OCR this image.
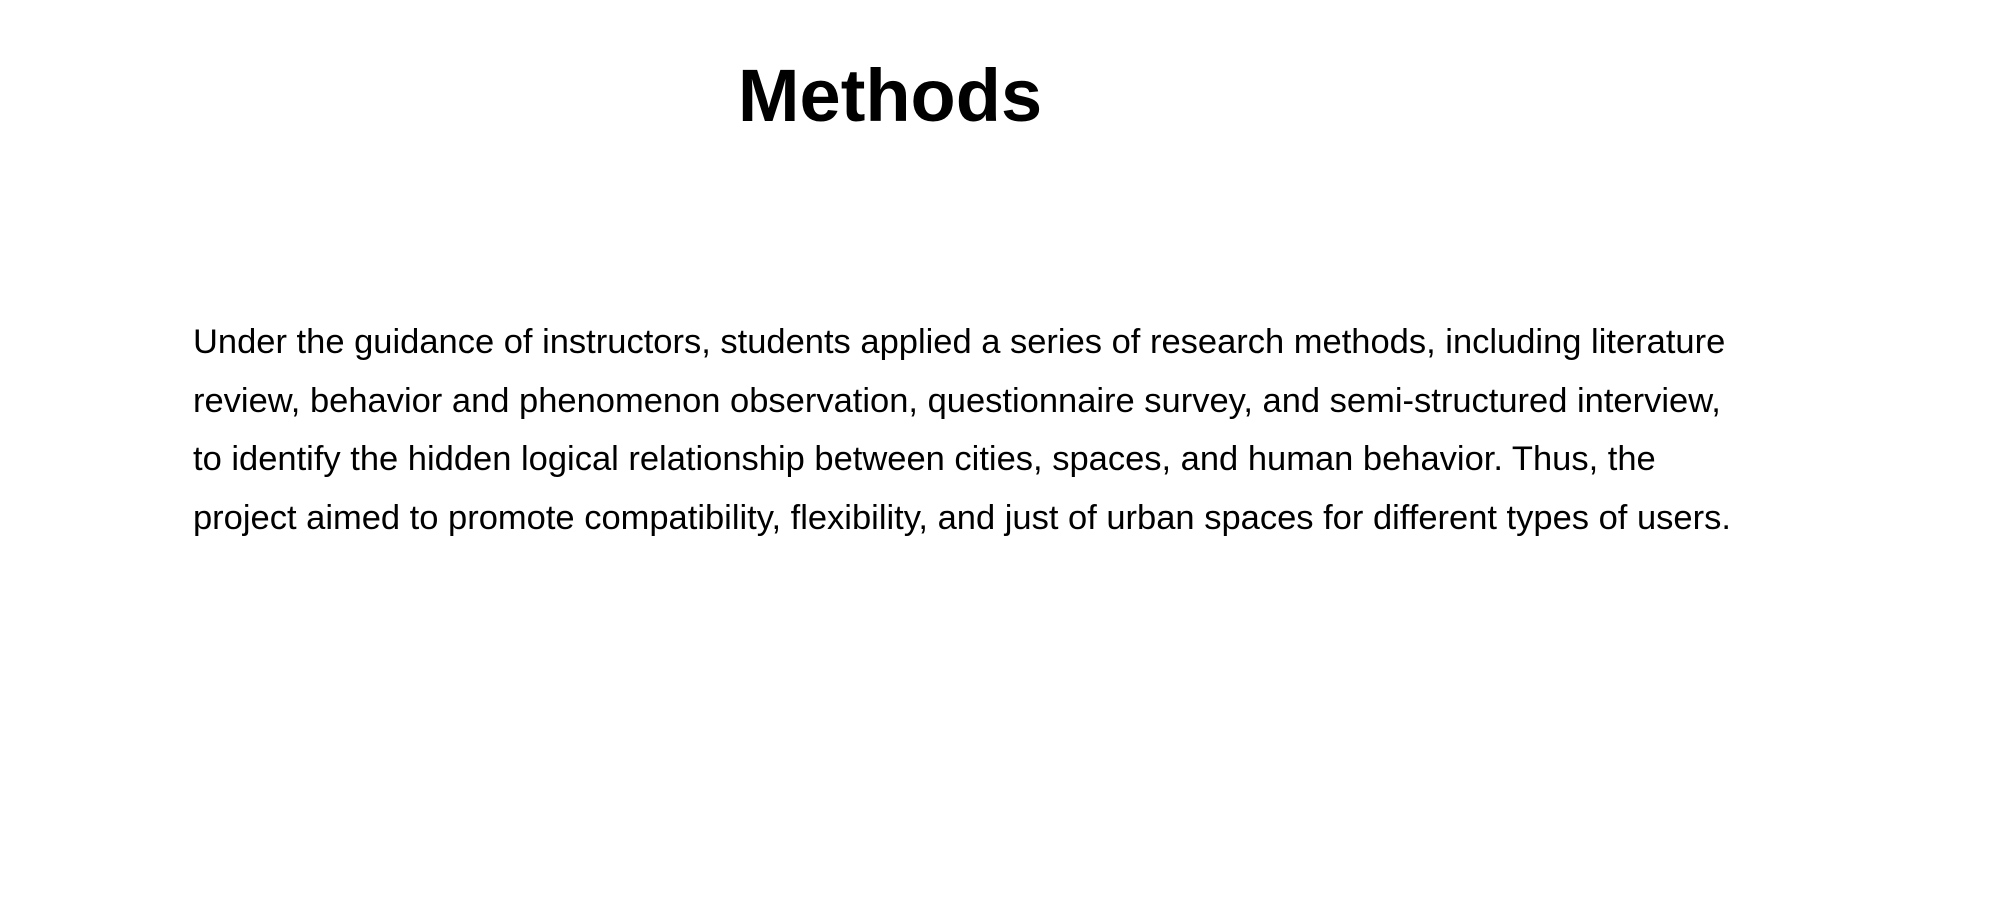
Methods
Under the guidance of instructors, students applied a series of research methods, including literature
review, behavior and phenomenon observation, questionnaire survey, and semi-structured interview,
to identify the hidden logical relationship between cities, spaces, and human behavior. Thus, the
project aimed to promote compatibility, flexibility, and just of urban spaces for different types of users.
